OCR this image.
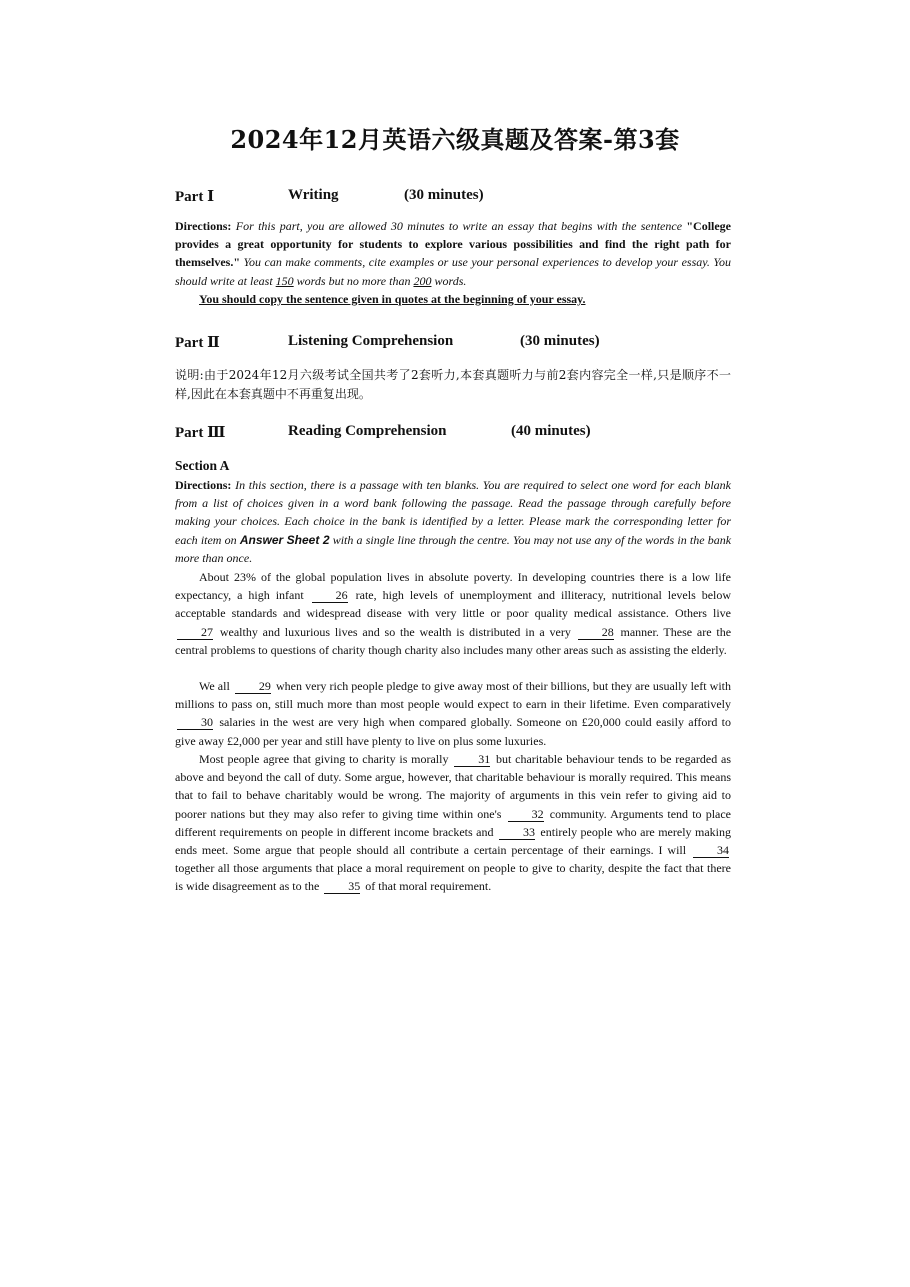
2024年12月英语六级真题及答案-第3套
Part Ⅰ	Writing	(30 minutes)
Directions: For this part, you are allowed 30 minutes to write an essay that begins with the sentence "College provides a great opportunity for students to explore various possibilities and find the right path for themselves." You can make comments, cite examples or use your personal experiences to develop your essay. You should write at least 150 words but no more than 200 words.
You should copy the sentence given in quotes at the beginning of your essay.
Part Ⅱ	Listening Comprehension	(30 minutes)
说明:由于2024年12月六级考试全国共考了2套听力,本套真题听力与前2套内容完全一样,只是顺序不一样,因此在本套真题中不再重复出现。
Part Ⅲ	Reading Comprehension	(40 minutes)
Section A
Directions: In this section, there is a passage with ten blanks. You are required to select one word for each blank from a list of choices given in a word bank following the passage. Read the passage through carefully before making your choices. Each choice in the bank is identified by a letter. Please mark the corresponding letter for each item on Answer Sheet 2 with a single line through the centre. You may not use any of the words in the bank more than once.
About 23% of the global population lives in absolute poverty. In developing countries there is a low life expectancy, a high infant	26 rate, high levels of unemployment and illiteracy, nutritional levels below acceptable standards and widespread disease with very little or poor quality medical assistance. Others live 27 wealthy and luxurious lives and so the wealth is distributed in a very	28 manner. These are the central problems to questions of charity though charity also includes many other areas such as assisting the elderly.
We all 29 when very rich people pledge to give away most of their billions, but they are usually left with millions to pass on, still much more than most people would expect to earn in their lifetime. Even comparatively 30 salaries in the west are very high when compared globally. Someone on £20,000 could easily afford to give away £2,000 per year and still have plenty to live on plus some luxuries.
Most people agree that giving to charity is morally 31 but charitable behaviour tends to be regarded as above and beyond the call of duty. Some argue, however, that charitable behaviour is morally required. This means that to fail to behave charitably would be wrong. The majority of arguments in this vein refer to giving aid to poorer nations but they may also refer to giving time within one's	32 community. Arguments tend to place different requirements on people in different income brackets and 33 entirely people who are merely making ends meet. Some argue that people should all contribute a certain percentage of their earnings. I will	34 together all those arguments that place a moral requirement on people to give to charity, despite the fact that there is wide disagreement as to the 35 of that moral requirement.
